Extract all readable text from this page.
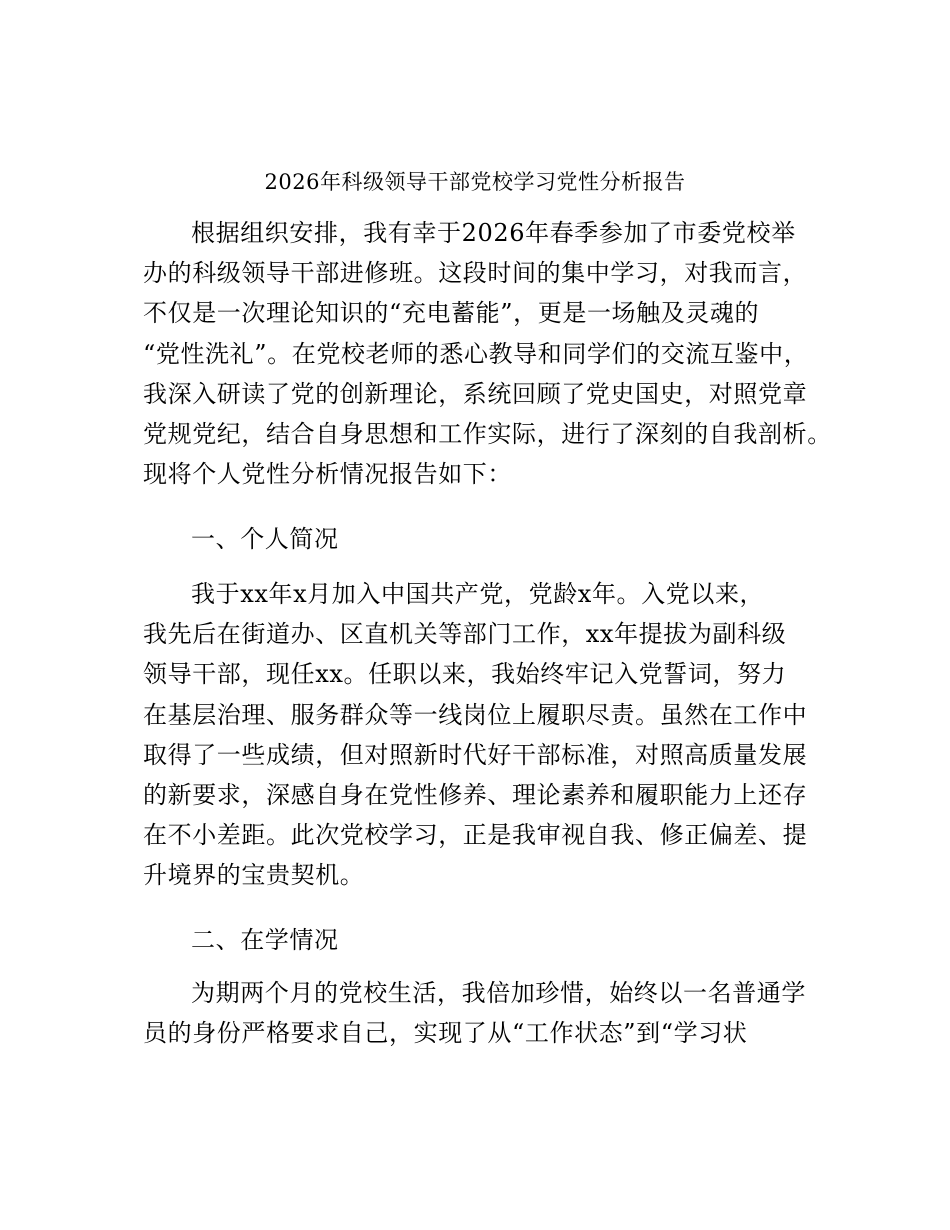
2026年科级领导干部党校学习党性分析报告
根据组织安排，我有幸于2026年春季参加了市委党校举
办的科级领导干部进修班。这段时间的集中学习，对我而言，
不仅是一次理论知识的“充电蓄能”，更是一场触及灵魂的
“党性洗礼”。在党校老师的悉心教导和同学们的交流互鉴中，
我深入研读了党的创新理论，系统回顾了党史国史，对照党章
党规党纪，结合自身思想和工作实际，进行了深刻的自我剖析。
现将个人党性分析情况报告如下：
一、个人简况
我于xx年x月加入中国共产党，党龄x年。入党以来，
我先后在街道办、区直机关等部门工作，xx年提拔为副科级
领导干部，现任xx。任职以来，我始终牢记入党誓词，努力
在基层治理、服务群众等一线岗位上履职尽责。虽然在工作中
取得了一些成绩，但对照新时代好干部标准，对照高质量发展
的新要求，深感自身在党性修养、理论素养和履职能力上还存
在不小差距。此次党校学习，正是我审视自我、修正偏差、提
升境界的宝贵契机。
二、在学情况
为期两个月的党校生活，我倍加珍惜，始终以一名普通学
员的身份严格要求自己，实现了从“工作状态”到“学习状
